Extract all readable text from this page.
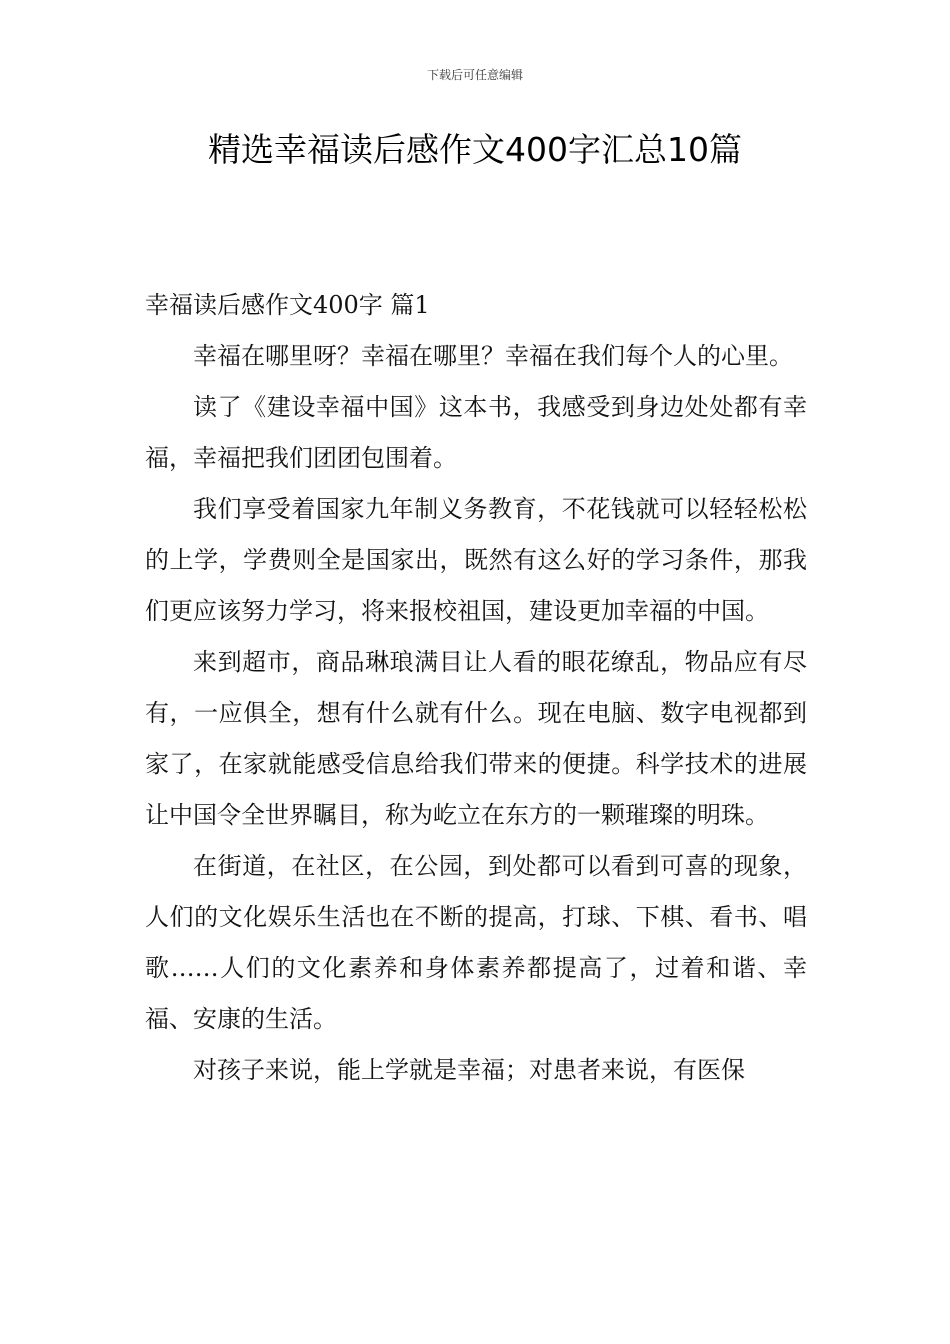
下载后可任意编辑
精选幸福读后感作文400字汇总10篇
幸福读后感作文400字 篇1

幸福在哪里呀？幸福在哪里？幸福在我们每个人的心里。

读了《建设幸福中国》这本书，我感受到身边处处都有幸福，幸福把我们团团包围着。

我们享受着国家九年制义务教育，不花钱就可以轻轻松松的上学，学费则全是国家出，既然有这么好的学习条件，那我们更应该努力学习，将来报校祖国，建设更加幸福的中国。

来到超市，商品琳琅满目让人看的眼花缭乱，物品应有尽有，一应俱全，想有什么就有什么。现在电脑、数字电视都到家了，在家就能感受信息给我们带来的便捷。科学技术的进展让中国令全世界瞩目，称为屹立在东方的一颗璀璨的明珠。

在街道，在社区，在公园，到处都可以看到可喜的现象，人们的文化娱乐生活也在不断的提高，打球、下棋、看书、唱歌……人们的文化素养和身体素养都提高了，过着和谐、幸福、安康的生活。

对孩子来说，能上学就是幸福；对患者来说，有医保
